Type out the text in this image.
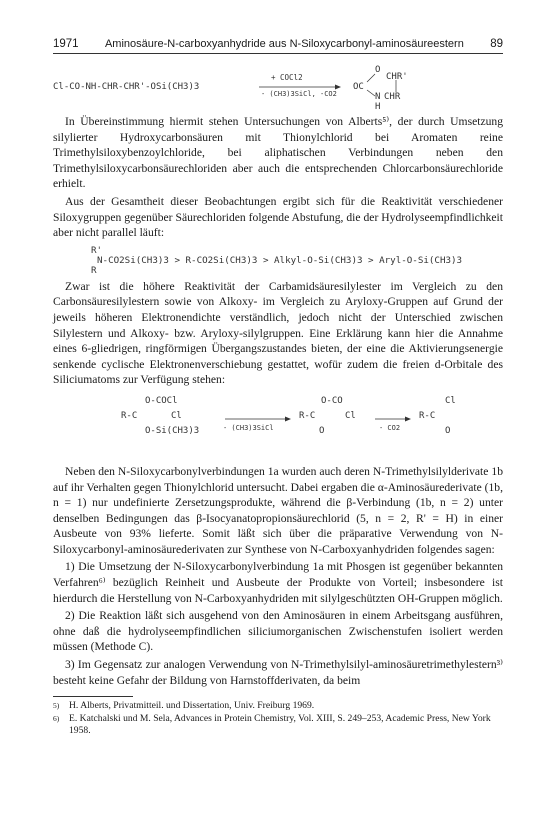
1971 Aminosäure-N-carboxyanhydride aus N-Siloxycarbonyl-aminosäureestern 89
Cl-CO-NH-CHR-CHR'-OSi(CH3)3
+ COCl2
- (CH3)3SiCl, -CO2
O
CHR'
OC
N CHR
H

In Übereinstimmung hiermit stehen Untersuchungen von Alberts⁵⁾, der durch Umsetzung silylierter Hydroxycarbonsäuren mit Thionylchlorid bei Aromaten reine Trimethylsiloxybenzoylchloride, bei aliphatischen Verbindungen neben den Trimethylsiloxycarbonsäurechloriden aber auch die entsprechenden Chlorcarbonsäurechloride erhielt.

Aus der Gesamtheit dieser Beobachtungen ergibt sich für die Reaktivität verschiedener Siloxygruppen gegenüber Säurechloriden folgende Abstufung, die der Hydrolyseempfindlichkeit aber nicht parallel läuft:

R'
N-CO2Si(CH3)3 > R-CO2Si(CH3)3 > Alkyl-O-Si(CH3)3 > Aryl-O-Si(CH3)3
R

Zwar ist die höhere Reaktivität der Carbamidsäuresilylester im Vergleich zu den Carbonsäuresilylestern sowie von Alkoxy- im Vergleich zu Aryloxy-Gruppen auf Grund der jeweils höheren Elektronendichte verständlich, jedoch nicht der Unterschied zwischen Silylestern und Alkoxy- bzw. Aryloxy-silylgruppen. Eine Erklärung kann hier die Annahme eines 6-gliedrigen, ringförmigen Übergangszustandes bieten, der eine die Aktivierungsenergie senkende cyclische Elektronenverschiebung gestattet, wofür zudem die freien d-Orbitale des Siliciumatoms zur Verfügung stehen:

O-COCl
R-C	Cl
O-Si(CH3)3	- (CH3)3SiCl
O-CO
R-C	Cl
O	- CO2
Cl
R-C
O

Neben den N-Siloxycarbonylverbindungen 1a wurden auch deren N-Trimethylsilylderivate 1b auf ihr Verhalten gegen Thionylchlorid untersucht. Dabei ergaben die α-Aminosäurederivate (1b, n = 1) nur undefinierte Zersetzungsprodukte, während die β-Verbindung (1b, n = 2) unter denselben Bedingungen das β-Isocyanatopropionsäurechlorid (5, n = 2, R' = H) in einer Ausbeute von 93% lieferte. Somit läßt sich über die präparative Verwendung von N-Siloxycarbonyl-aminosäurederivaten zur Synthese von N-Carboxyanhydriden folgendes sagen:

1) Die Umsetzung der N-Siloxycarbonylverbindung 1a mit Phosgen ist gegenüber bekannten Verfahren⁶⁾ bezüglich Reinheit und Ausbeute der Produkte von Vorteil; insbesondere ist hierdurch die Herstellung von N-Carboxyanhydriden mit silylgeschützten OH-Gruppen möglich.

2) Die Reaktion läßt sich ausgehend von den Aminosäuren in einem Arbeitsgang ausführen, ohne daß die hydrolyseempfindlichen siliciumorganischen Zwischenstufen isoliert werden müssen (Methode C).

3) Im Gegensatz zur analogen Verwendung von N-Trimethylsilyl-aminosäuretrimethylestern³⁾ besteht keine Gefahr der Bildung von Harnstoffderivaten, da beim

5) H. Alberts, Privatmitteil. und Dissertation, Univ. Freiburg 1969.
6) E. Katchalski und M. Sela, Advances in Protein Chemistry, Vol. XIII, S. 249–253, Academic Press, New York 1958.
